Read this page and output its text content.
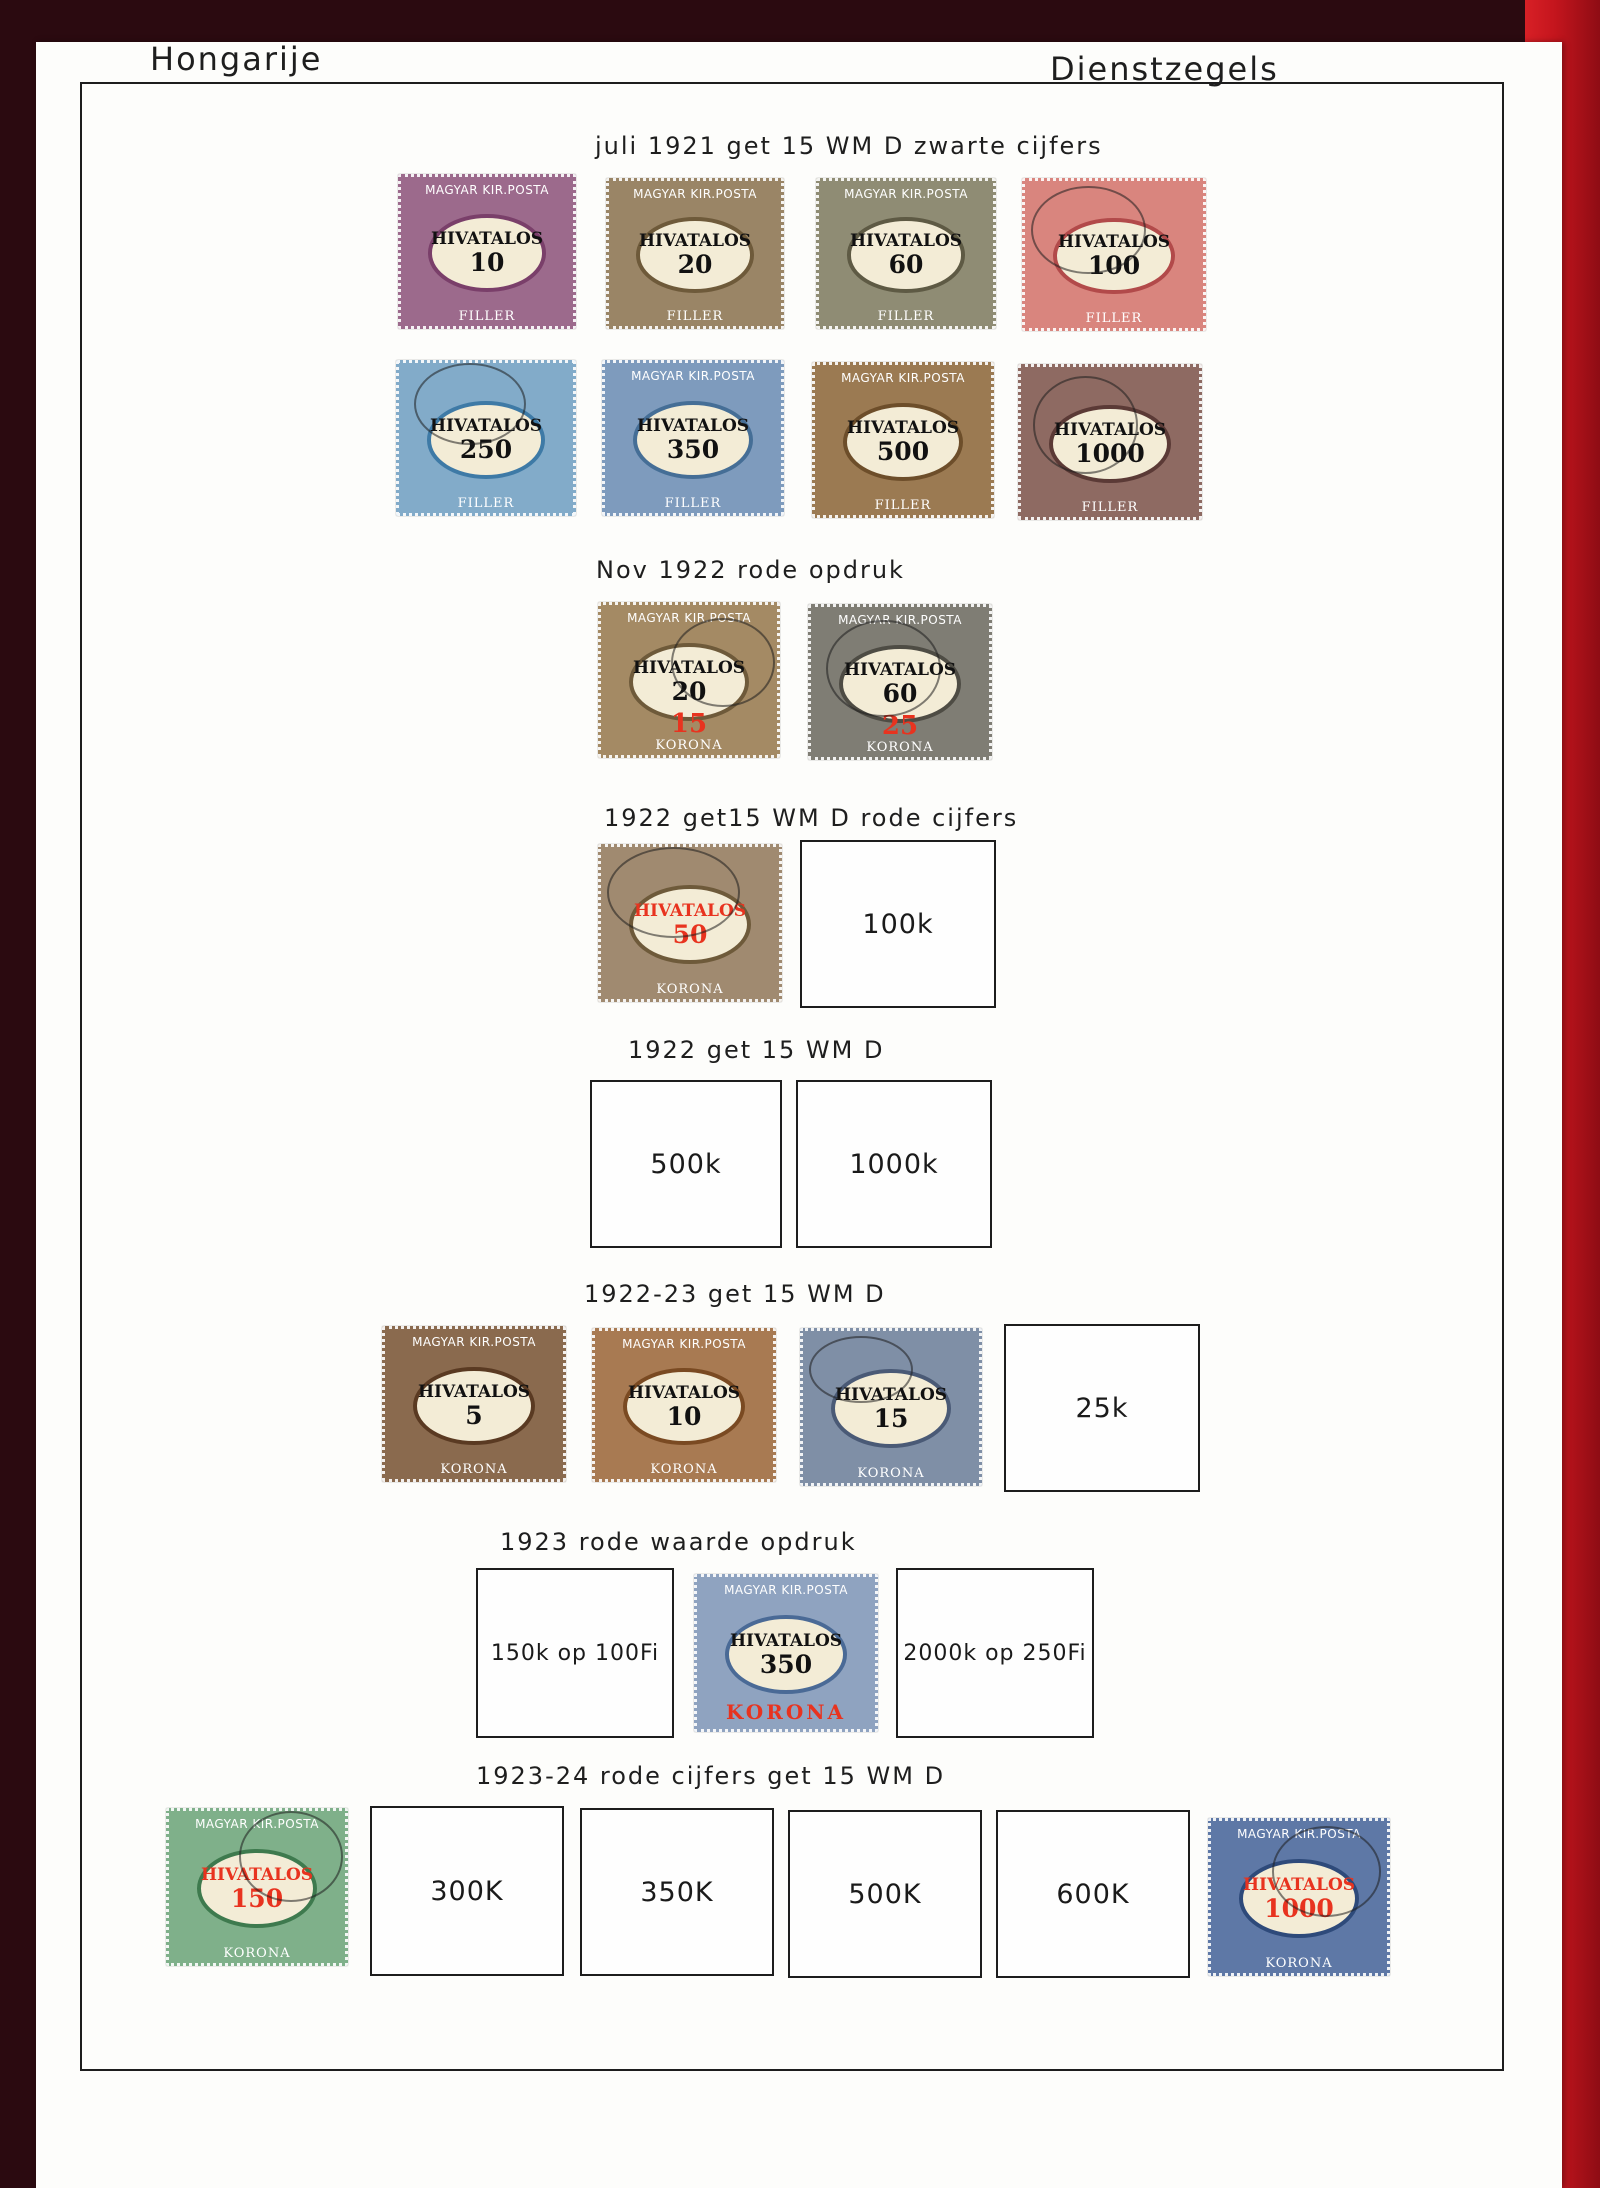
Hongarije	Dienstzegels
juli 1921 get 15 WM D zwarte cijfers
MAGYAR KIR.POSTA
HIVATALOS
10
FILLER
MAGYAR KIR.POSTA
HIVATALOS
20
FILLER
MAGYAR KIR.POSTA
HIVATALOS
60
FILLER
HIVATALOS
100
FILLER
HIVATALOS
250
FILLER
MAGYAR KIR.POSTA
HIVATALOS
350
FILLER
MAGYAR KIR.POSTA
HIVATALOS
500
FILLER
HIVATALOS
1000
FILLER
Nov 1922 rode opdruk
MAGYAR KIR.POSTA
HIVATALOS
20
15
KORONA
MAGYAR KIR.POSTA
HIVATALOS
60
25
KORONA
1922 get15 WM D rode cijfers
HIVATALOS
50
KORONA
100k
1922 get 15 WM D
500k	1000k
1922-23 get 15 WM D
MAGYAR KIR.POSTA
HIVATALOS
5
KORONA
MAGYAR KIR.POSTA
HIVATALOS
10
KORONA
HIVATALOS
15
KORONA
25k
1923 rode waarde opdruk
150k op 100Fi
MAGYAR KIR.POSTA
HIVATALOS
350
KORONA
2000k op 250Fi
1923-24 rode cijfers get 15 WM D
MAGYAR KIR.POSTA
HIVATALOS
150
KORONA
300K	350K	500K	600K
MAGYAR KIR.POSTA
HIVATALOS
1000
KORONA
